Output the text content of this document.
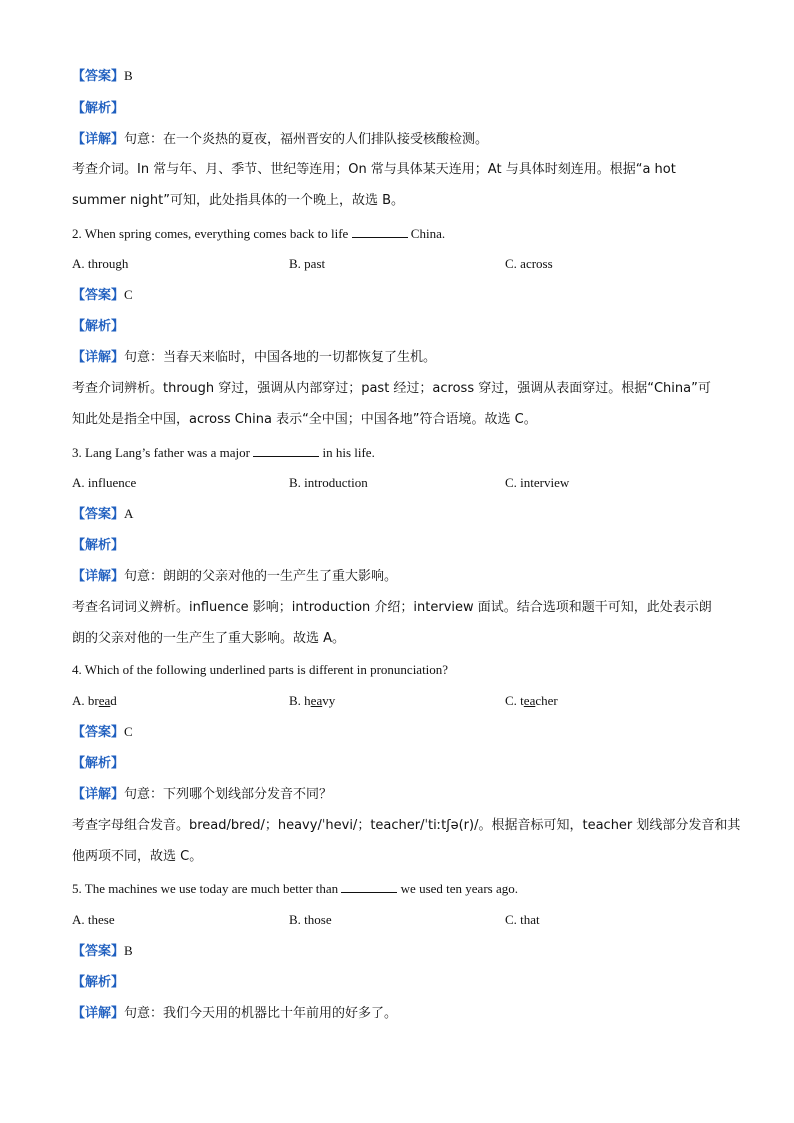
【答案】B
【解析】
【详解】句意：在一个炎热的夏夜，福州晋安的人们排队接受核酸检测。
考查介词。In 常与年、月、季节、世纪等连用；On 常与具体某天连用；At 与具体时刻连用。根据“a hot
summer night”可知，此处指具体的一个晚上，故选 B。
2. When spring comes, everything comes back to life	China.
A. through	B. past	C. across
【答案】C
【解析】
【详解】句意：当春天来临时，中国各地的一切都恢复了生机。
考查介词辨析。through 穿过，强调从内部穿过；past 经过；across 穿过，强调从表面穿过。根据“China”可
知此处是指全中国，across China 表示“全中国；中国各地”符合语境。故选 C。
3. Lang Lang’s father was a major	in his life.
A. influence	B. introduction	C. interview
【答案】A
【解析】
【详解】句意：朗朗的父亲对他的一生产生了重大影响。
考查名词词义辨析。influence 影响；introduction 介绍；interview 面试。结合选项和题干可知，此处表示朗
朗的父亲对他的一生产生了重大影响。故选 A。
4. Which of the following underlined parts is different in pronunciation?
A. bread	B. heavy	C. teacher
【答案】C
【解析】
【详解】句意：下列哪个划线部分发音不同？
考查字母组合发音。bread/bred/；heavy/ˈhevi/；teacher/ˈtiːtʃə(r)/。根据音标可知，teacher 划线部分发音和其
他两项不同，故选 C。
5. The machines we use today are much better than	we used ten years ago.
A. these	B. those	C. that
【答案】B
【解析】
【详解】句意：我们今天用的机器比十年前用的好多了。
